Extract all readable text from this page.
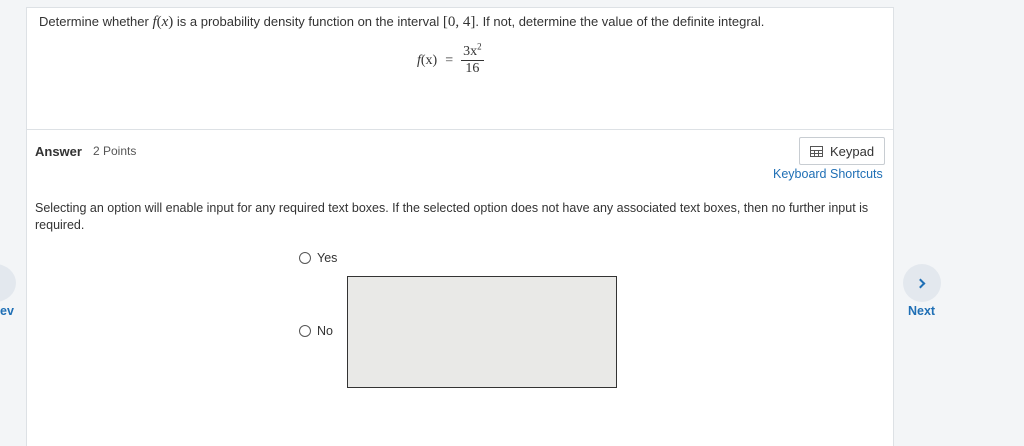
Determine whether f(x) is a probability density function on the interval [0, 4]. If not, determine the value of the definite integral.
$f(x) = \frac{3x^2}{16}$
Answer 2 Points	Keypad
Keyboard Shortcuts
Selecting an option will enable input for any required text boxes. If the selected option does not have any associated text boxes, then no further input is required.
Yes
No
ev	Next
